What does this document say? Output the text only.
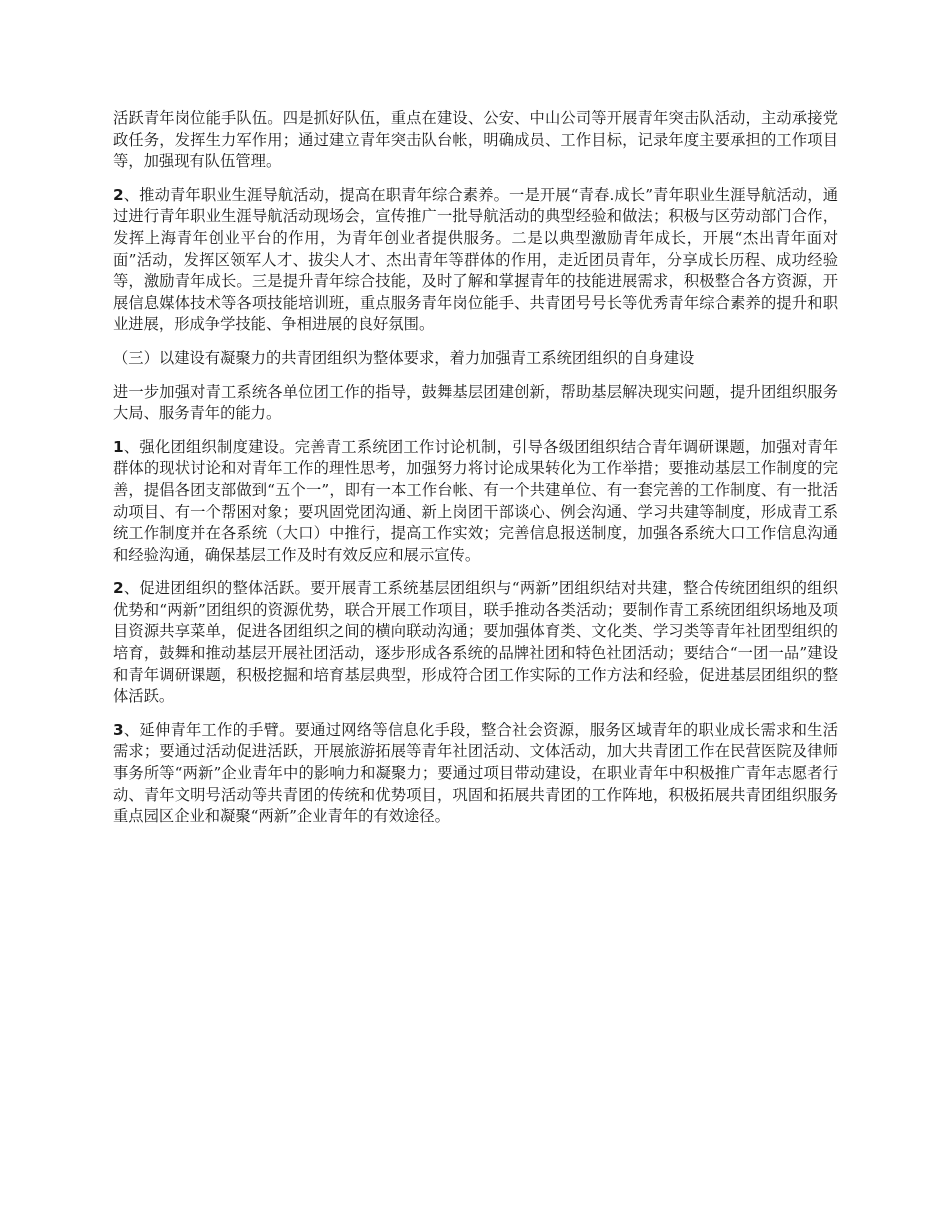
活跃青年岗位能手队伍。四是抓好队伍，重点在建设、公安、中山公司等开展青年突击队活动，主动承接党政任务，发挥生力军作用；通过建立青年突击队台帐，明确成员、工作目标，记录年度主要承担的工作项目等，加强现有队伍管理。

2、推动青年职业生涯导航活动，提高在职青年综合素养。一是开展“青春.成长”青年职业生涯导航活动，通过进行青年职业生涯导航活动现场会，宣传推广一批导航活动的典型经验和做法；积极与区劳动部门合作，发挥上海青年创业平台的作用，为青年创业者提供服务。二是以典型激励青年成长，开展“杰出青年面对面”活动，发挥区领军人才、拔尖人才、杰出青年等群体的作用，走近团员青年，分享成长历程、成功经验等，激励青年成长。三是提升青年综合技能，及时了解和掌握青年的技能进展需求，积极整合各方资源，开展信息媒体技术等各项技能培训班，重点服务青年岗位能手、共青团号号长等优秀青年综合素养的提升和职业进展，形成争学技能、争相进展的良好氛围。

（三）以建设有凝聚力的共青团组织为整体要求，着力加强青工系统团组织的自身建设

进一步加强对青工系统各单位团工作的指导，鼓舞基层团建创新，帮助基层解决现实问题，提升团组织服务大局、服务青年的能力。

1、强化团组织制度建设。完善青工系统团工作讨论机制，引导各级团组织结合青年调研课题，加强对青年群体的现状讨论和对青年工作的理性思考，加强努力将讨论成果转化为工作举措；要推动基层工作制度的完善，提倡各团支部做到“五个一”，即有一本工作台帐、有一个共建单位、有一套完善的工作制度、有一批活动项目、有一个帮困对象；要巩固党团沟通、新上岗团干部谈心、例会沟通、学习共建等制度，形成青工系统工作制度并在各系统（大口）中推行，提高工作实效；完善信息报送制度，加强各系统大口工作信息沟通和经验沟通，确保基层工作及时有效反应和展示宣传。

2、促进团组织的整体活跃。要开展青工系统基层团组织与“两新”团组织结对共建，整合传统团组织的组织优势和“两新”团组织的资源优势，联合开展工作项目，联手推动各类活动；要制作青工系统团组织场地及项目资源共享菜单，促进各团组织之间的横向联动沟通；要加强体育类、文化类、学习类等青年社团型组织的培育，鼓舞和推动基层开展社团活动，逐步形成各系统的品牌社团和特色社团活动；要结合“一团一品”建设和青年调研课题，积极挖掘和培育基层典型，形成符合团工作实际的工作方法和经验，促进基层团组织的整体活跃。

3、延伸青年工作的手臂。要通过网络等信息化手段，整合社会资源，服务区域青年的职业成长需求和生活需求；要通过活动促进活跃，开展旅游拓展等青年社团活动、文体活动，加大共青团工作在民营医院及律师事务所等“两新”企业青年中的影响力和凝聚力；要通过项目带动建设，在职业青年中积极推广青年志愿者行动、青年文明号活动等共青团的传统和优势项目，巩固和拓展共青团的工作阵地，积极拓展共青团组织服务重点园区企业和凝聚“两新”企业青年的有效途径。
